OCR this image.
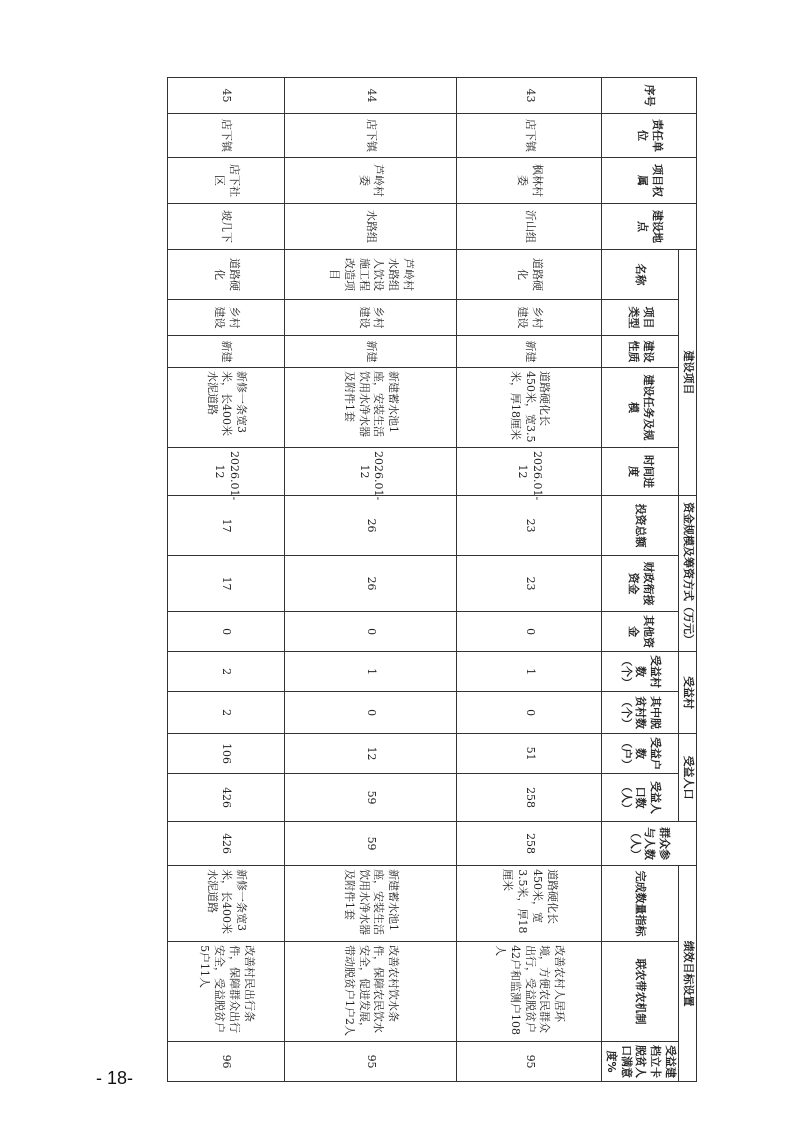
序号	责任单位	项目权属	建设地点	建设项目					资金规模及筹资方式（万元）			受益村		受益人口		群众参与人数（人）	绩效目标设置		
				名称	项目类型	建设性质	建设任务及规模	时间进度	投资总额	财政衔接资金	其他资金	受益村数（个）	其中脱贫村数（个）	受益户数（户）	受益人口数（人）		完成数量指标	联农带农机制	受益建档立卡脱贫人口满意度%
43	店下镇	枫林村委	沂山组	道路硬化	乡村建设	新建	道路硬化长450米，宽3.5米，厚18厘米	2026.01-12	23	23	0	1	0	51	258	258	道路硬化长450米，宽3.5米，厚18厘米	改善农村人居环境，方便农民群众出行，受益脱贫户42户和监测户108人	95
44	店下镇	芦岭村委	水路组	芦岭村水路组人饮设施工程改造项目	乡村建设	新建	新建蓄水池1座，安装生活饮用水净水器及附件1套	2026.01-12	26	26	0	1	0	12	59	59	新建蓄水池1座，安装生活饮用水净水器及附件1套	改善农村饮水条件，保障农民饮水安全，促进发展，带动脱贫户1户2人	95
45	店下镇	店下社区	坡几下	道路硬化	乡村建设	新建	新修一条宽3米，长400米水泥道路	2026.01-12	17	17	0	2	2	106	426	426	新修一条宽3米，长400米水泥道路	改善村民出行条件，保障群众出行安全，受益脱贫户5户11人	96
- 18-
